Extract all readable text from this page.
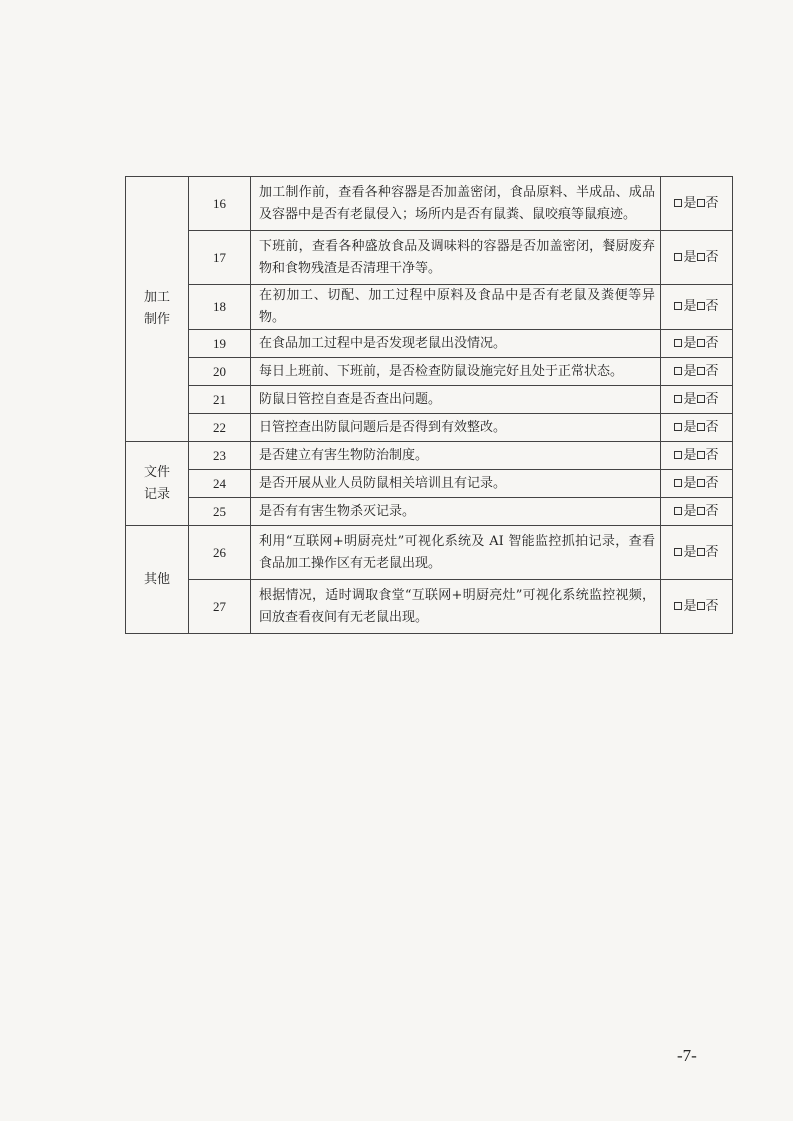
加工
制作	16	加工制作前，查看各种容器是否加盖密闭，食品原料、半成品、成品及容器中是否有老鼠侵入；场所内是否有鼠粪、鼠咬痕等鼠痕迹。	是 否
	17	下班前，查看各种盛放食品及调味料的容器是否加盖密闭，餐厨废弃物和食物残渣是否清理干净等。	是 否
	18	在初加工、切配、加工过程中原料及食品中是否有老鼠及粪便等异物。	是 否
	19	在食品加工过程中是否发现老鼠出没情况。	是 否
	20	每日上班前、下班前，是否检查防鼠设施完好且处于正常状态。	是 否
	21	防鼠日管控自查是否查出问题。	是 否
	22	日管控查出防鼠问题后是否得到有效整改。	是 否

文件
记录	23	是否建立有害生物防治制度。	是 否
	24	是否开展从业人员防鼠相关培训且有记录。	是 否
	25	是否有有害生物杀灭记录。	是 否

其他	26	利用“互联网+明厨亮灶”可视化系统及 AI 智能监控抓拍记录，查看食品加工操作区有无老鼠出现。	是 否
	27	根据情况，适时调取食堂“互联网+明厨亮灶”可视化系统监控视频，回放查看夜间有无老鼠出现。	是 否
-7-
